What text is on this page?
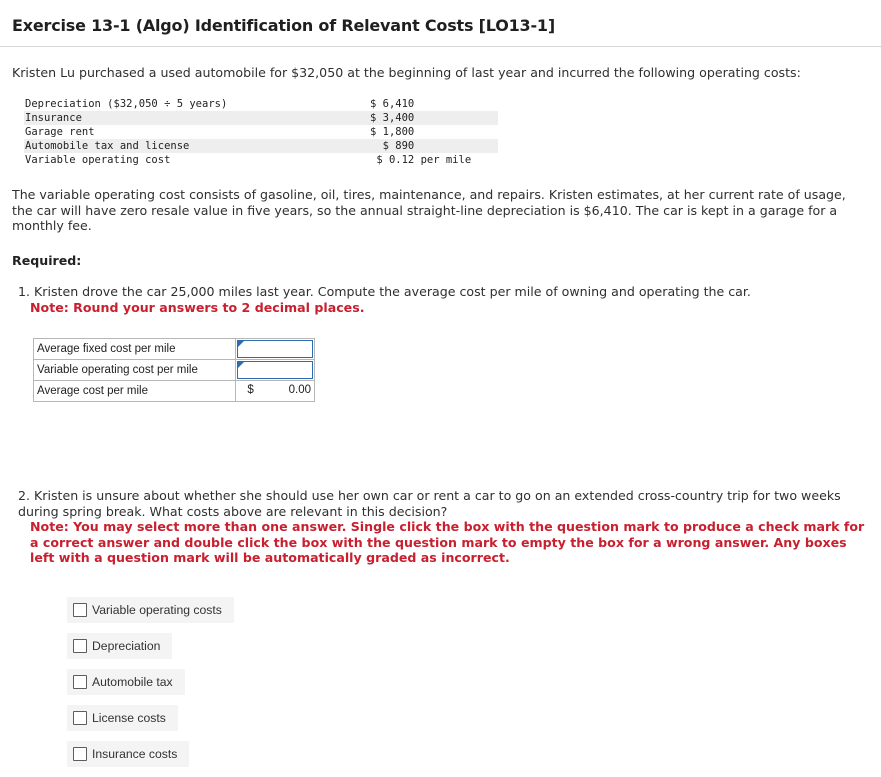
Exercise 13-1 (Algo) Identification of Relevant Costs [LO13-1]
Kristen Lu purchased a used automobile for $32,050 at the beginning of last year and incurred the following operating costs:
Depreciation ($32,050 ÷ 5 years)	$ 6,410
Insurance	$ 3,400
Garage rent	$ 1,800
Automobile tax and license	$ 890
Variable operating cost	$ 0.12 per mile
The variable operating cost consists of gasoline, oil, tires, maintenance, and repairs. Kristen estimates, at her current rate of usage, the car will have zero resale value in five years, so the annual straight-line depreciation is $6,410. The car is kept in a garage for a monthly fee.
Required:
1. Kristen drove the car 25,000 miles last year. Compute the average cost per mile of owning and operating the car.
Note: Round your answers to 2 decimal places.
Average fixed cost per mile	

Variable operating cost per mile	

Average cost per mile	$ 0.00
2. Kristen is unsure about whether she should use her own car or rent a car to go on an extended cross-country trip for two weeks during spring break. What costs above are relevant in this decision?
Note: You may select more than one answer. Single click the box with the question mark to produce a check mark for a correct answer and double click the box with the question mark to empty the box for a wrong answer. Any boxes left with a question mark will be automatically graded as incorrect.
Variable operating costs
Depreciation
Automobile tax
License costs
Insurance costs
